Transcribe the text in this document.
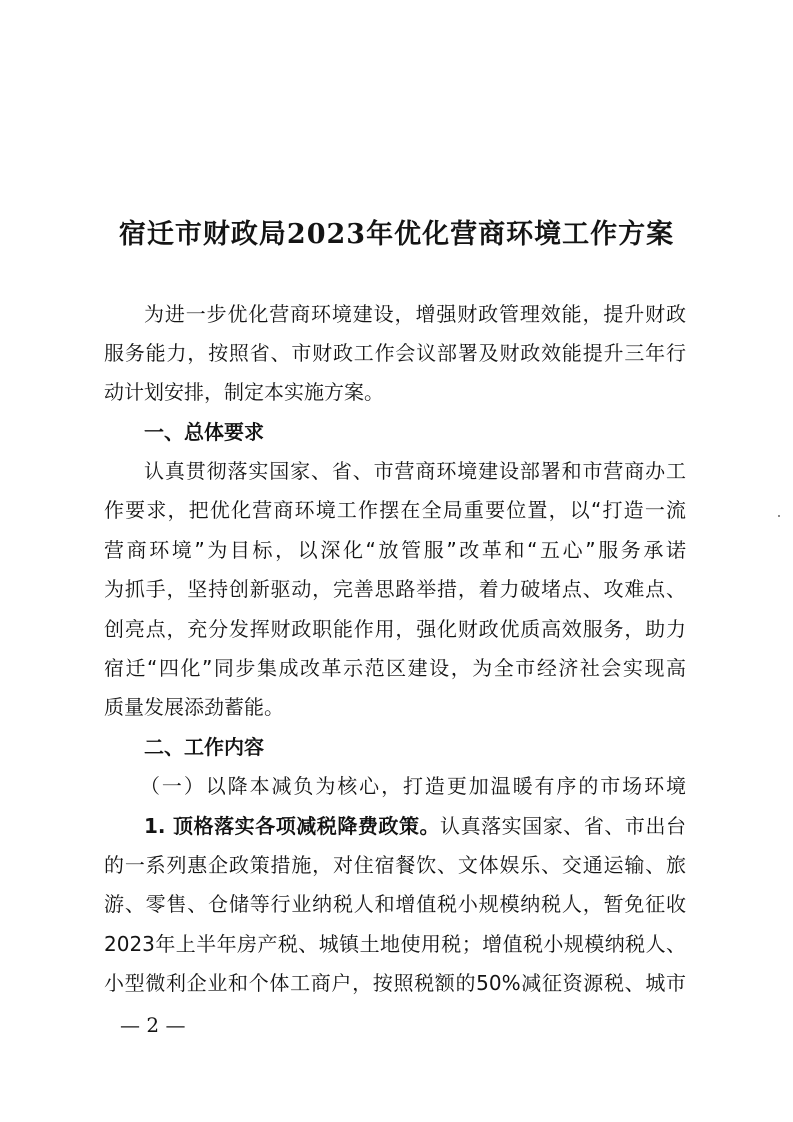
宿迁市财政局2023年优化营商环境工作方案
为进一步优化营商环境建设，增强财政管理效能，提升财政
服务能力，按照省、市财政工作会议部署及财政效能提升三年行
动计划安排，制定本实施方案。
一、总体要求
认真贯彻落实国家、省、市营商环境建设部署和市营商办工
作要求，把优化营商环境工作摆在全局重要位置，以“打造一流
营商环境”为目标，以深化“放管服”改革和“五心”服务承诺
为抓手，坚持创新驱动，完善思路举措，着力破堵点、攻难点、
创亮点，充分发挥财政职能作用，强化财政优质高效服务，助力
宿迁“四化”同步集成改革示范区建设，为全市经济社会实现高
质量发展添劲蓄能。
二、工作内容
（一）以降本减负为核心，打造更加温暖有序的市场环境
1. 顶格落实各项减税降费政策。认真落实国家、省、市出台
的一系列惠企政策措施，对住宿餐饮、文体娱乐、交通运输、旅
游、零售、仓储等行业纳税人和增值税小规模纳税人，暂免征收
2023年上半年房产税、城镇土地使用税；增值税小规模纳税人、
小型微利企业和个体工商户，按照税额的50%减征资源税、城市
— 2 —
